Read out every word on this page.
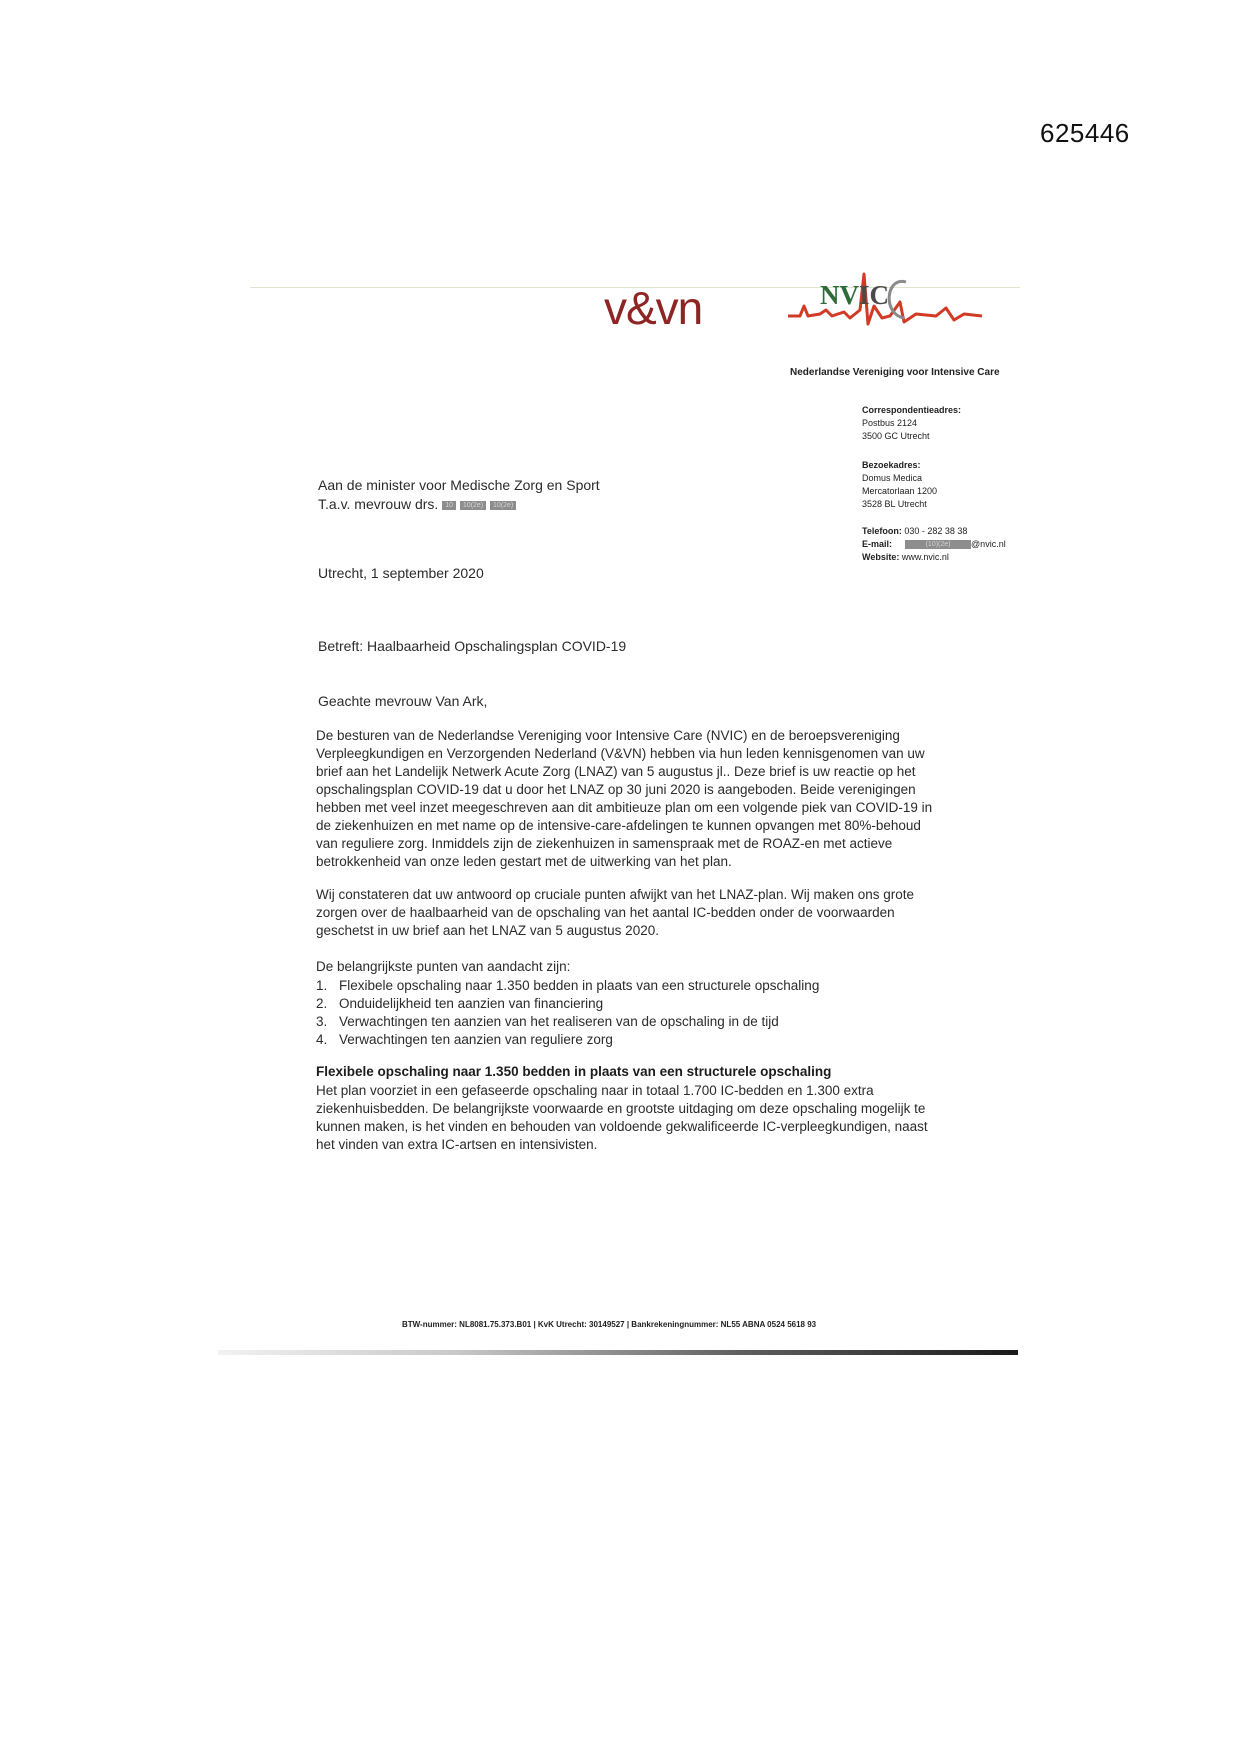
625446
v&vn	NVIC
Nederlandse Vereniging voor Intensive Care
Correspondentieadres:
Postbus 2124
3500 GC Utrecht
Bezoekadres:
Domus Medica
Mercatorlaan 1200
3528 BL Utrecht
Telefoon: 030 - 282 38 38
E-mail:	(10)(2e) @nvic.nl
Website: www.nvic.nl
Aan de minister voor Medische Zorg en Sport
T.a.v. mevrouw drs. 10 10(2e) 10(2e)
Utrecht, 1 september 2020
Betreft: Haalbaarheid Opschalingsplan COVID-19
Geachte mevrouw Van Ark,

De besturen van de Nederlandse Vereniging voor Intensive Care (NVIC) en de beroepsvereniging Verpleegkundigen en Verzorgenden Nederland (V&VN) hebben via hun leden kennisgenomen van uw brief aan het Landelijk Netwerk Acute Zorg (LNAZ) van 5 augustus jl.. Deze brief is uw reactie op het opschalingsplan COVID-19 dat u door het LNAZ op 30 juni 2020 is aangeboden. Beide verenigingen hebben met veel inzet meegeschreven aan dit ambitieuze plan om een volgende piek van COVID-19 in de ziekenhuizen en met name op de intensive-care-afdelingen te kunnen opvangen met 80%-behoud van reguliere zorg. Inmiddels zijn de ziekenhuizen in samenspraak met de ROAZ-en met actieve betrokkenheid van onze leden gestart met de uitwerking van het plan.

Wij constateren dat uw antwoord op cruciale punten afwijkt van het LNAZ-plan. Wij maken ons grote zorgen over de haalbaarheid van de opschaling van het aantal IC-bedden onder de voorwaarden geschetst in uw brief aan het LNAZ van 5 augustus 2020.

De belangrijkste punten van aandacht zijn:
1. Flexibele opschaling naar 1.350 bedden in plaats van een structurele opschaling
2. Onduidelijkheid ten aanzien van financiering
3. Verwachtingen ten aanzien van het realiseren van de opschaling in de tijd
4. Verwachtingen ten aanzien van reguliere zorg
Flexibele opschaling naar 1.350 bedden in plaats van een structurele opschaling

Het plan voorziet in een gefaseerde opschaling naar in totaal 1.700 IC-bedden en 1.300 extra ziekenhuisbedden. De belangrijkste voorwaarde en grootste uitdaging om deze opschaling mogelijk te kunnen maken, is het vinden en behouden van voldoende gekwalificeerde IC-verpleegkundigen, naast het vinden van extra IC-artsen en intensivisten.

BTW-nummer: NL8081.75.373.B01 | KvK Utrecht: 30149527 | Bankrekeningnummer: NL55 ABNA 0524 5618 93
